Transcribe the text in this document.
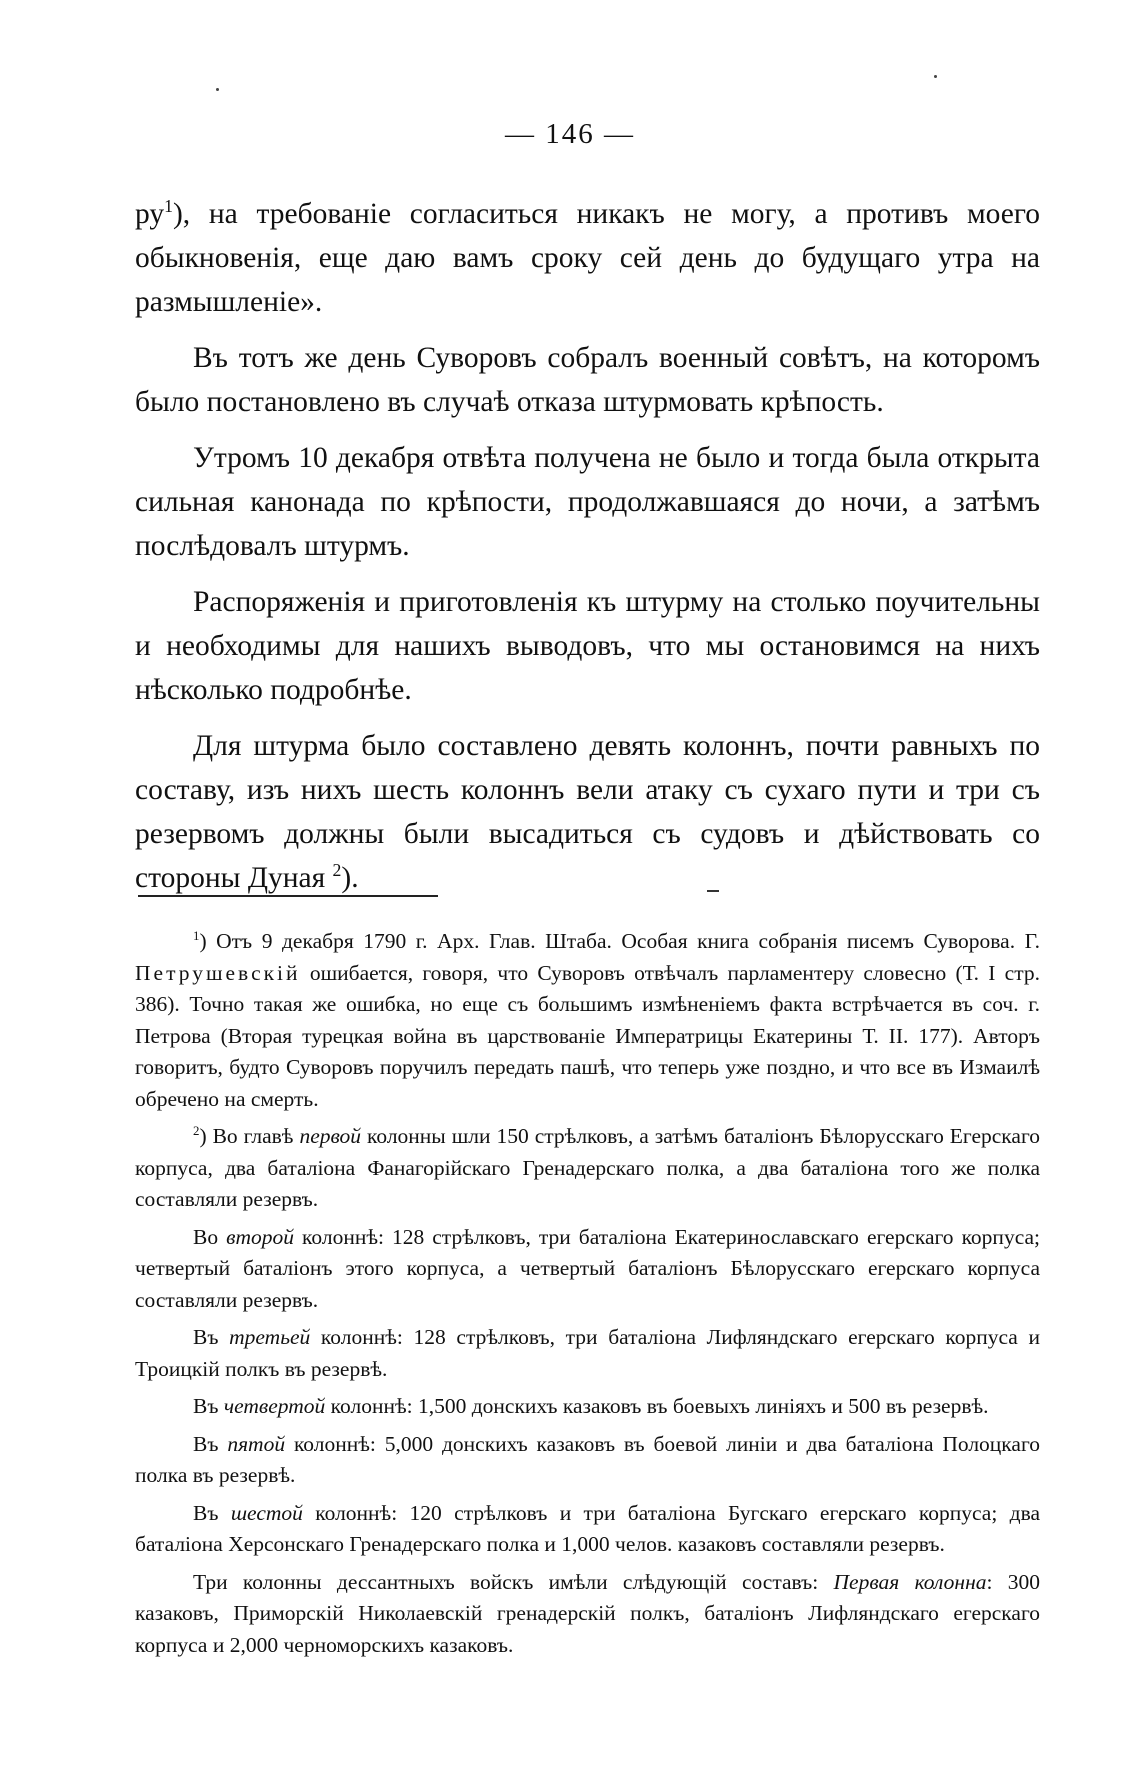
— 146 —

$ру^1$), на требованіе согласиться никакъ не могу, а противъ моего обыкновенія, еще даю вамъ сроку сей день до будущаго утра на размышленіе».

Въ тотъ же день Суворовъ собралъ военный совѣтъ, на которомъ было постановлено въ случаѣ отказа штурмовать крѣпость.

Утромъ 10 декабря отвѣта получена не было и тогда была открыта сильная канонада по крѣпости, продолжавшаяся до ночи, а затѣмъ послѣдовалъ штурмъ.

Распоряженія и приготовленія къ штурму на столько поучительны и необходимы для нашихъ выводовъ, что мы остановимся на нихъ нѣсколько подробнѣе.

Для штурма было составлено девять колоннъ, почти равныхъ по составу, изъ нихъ шесть колоннъ вели атаку съ сухаго пути и три съ резервомъ должны были высадиться съ судовъ и дѣйствовать со стороны Дуная $^2$).

$^1$) Отъ 9 декабря 1790 г. Арх. Глав. Штаба. Особая книга собранія писемъ Суворова. Г. Петрушевскій ошибается, говоря, что Суворовъ отвѣчалъ парламентеру словесно (Т. I стр. 386). Точно такая же ошибка, но еще съ большимъ измѣненіемъ факта встрѣчается въ соч. г. Петрова (Вторая турецкая война въ царствованіе Императрицы Екатерины Т. II. 177). Авторъ говоритъ, будто Суворовъ поручилъ передать пашѣ, что теперь уже поздно, и что все въ Измаилѣ обречено на смерть.

$^2$) Во главѣ первой колонны шли 150 стрѣлковъ, а затѣмъ баталіонъ Бѣлорусскаго Егерскаго корпуса, два баталіона Фанагорійскаго Гренадерскаго полка, а два баталіона того же полка составляли резервъ.

Во второй колоннѣ: 128 стрѣлковъ, три баталіона Екатеринославскаго егерскаго корпуса; четвертый баталіонъ этого корпуса, а четвертый баталіонъ Бѣлорусскаго егерскаго корпуса составляли резервъ.

Въ третьей колоннѣ: 128 стрѣлковъ, три баталіона Лифляндскаго егерскаго корпуса и Троицкій полкъ въ резервѣ.

Въ четвертой колоннѣ: 1,500 донскихъ казаковъ въ боевыхъ линіяхъ и 500 въ резервѣ.

Въ пятой колоннѣ: 5,000 донскихъ казаковъ въ боевой линіи и два баталіона Полоцкаго полка въ резервѣ.

Въ шестой колоннѣ: 120 стрѣлковъ и три баталіона Бугскаго егерскаго корпуса; два баталіона Херсонскаго Гренадерскаго полка и 1,000 челов. казаковъ составляли резервъ.

Три колонны дессантныхъ войскъ имѣли слѣдующій составъ: Первая колонна: 300 казаковъ, Приморскій Николаевскій гренадерскій полкъ, баталіонъ Лифляндскаго егерскаго корпуса и 2,000 черноморскихъ казаковъ.
